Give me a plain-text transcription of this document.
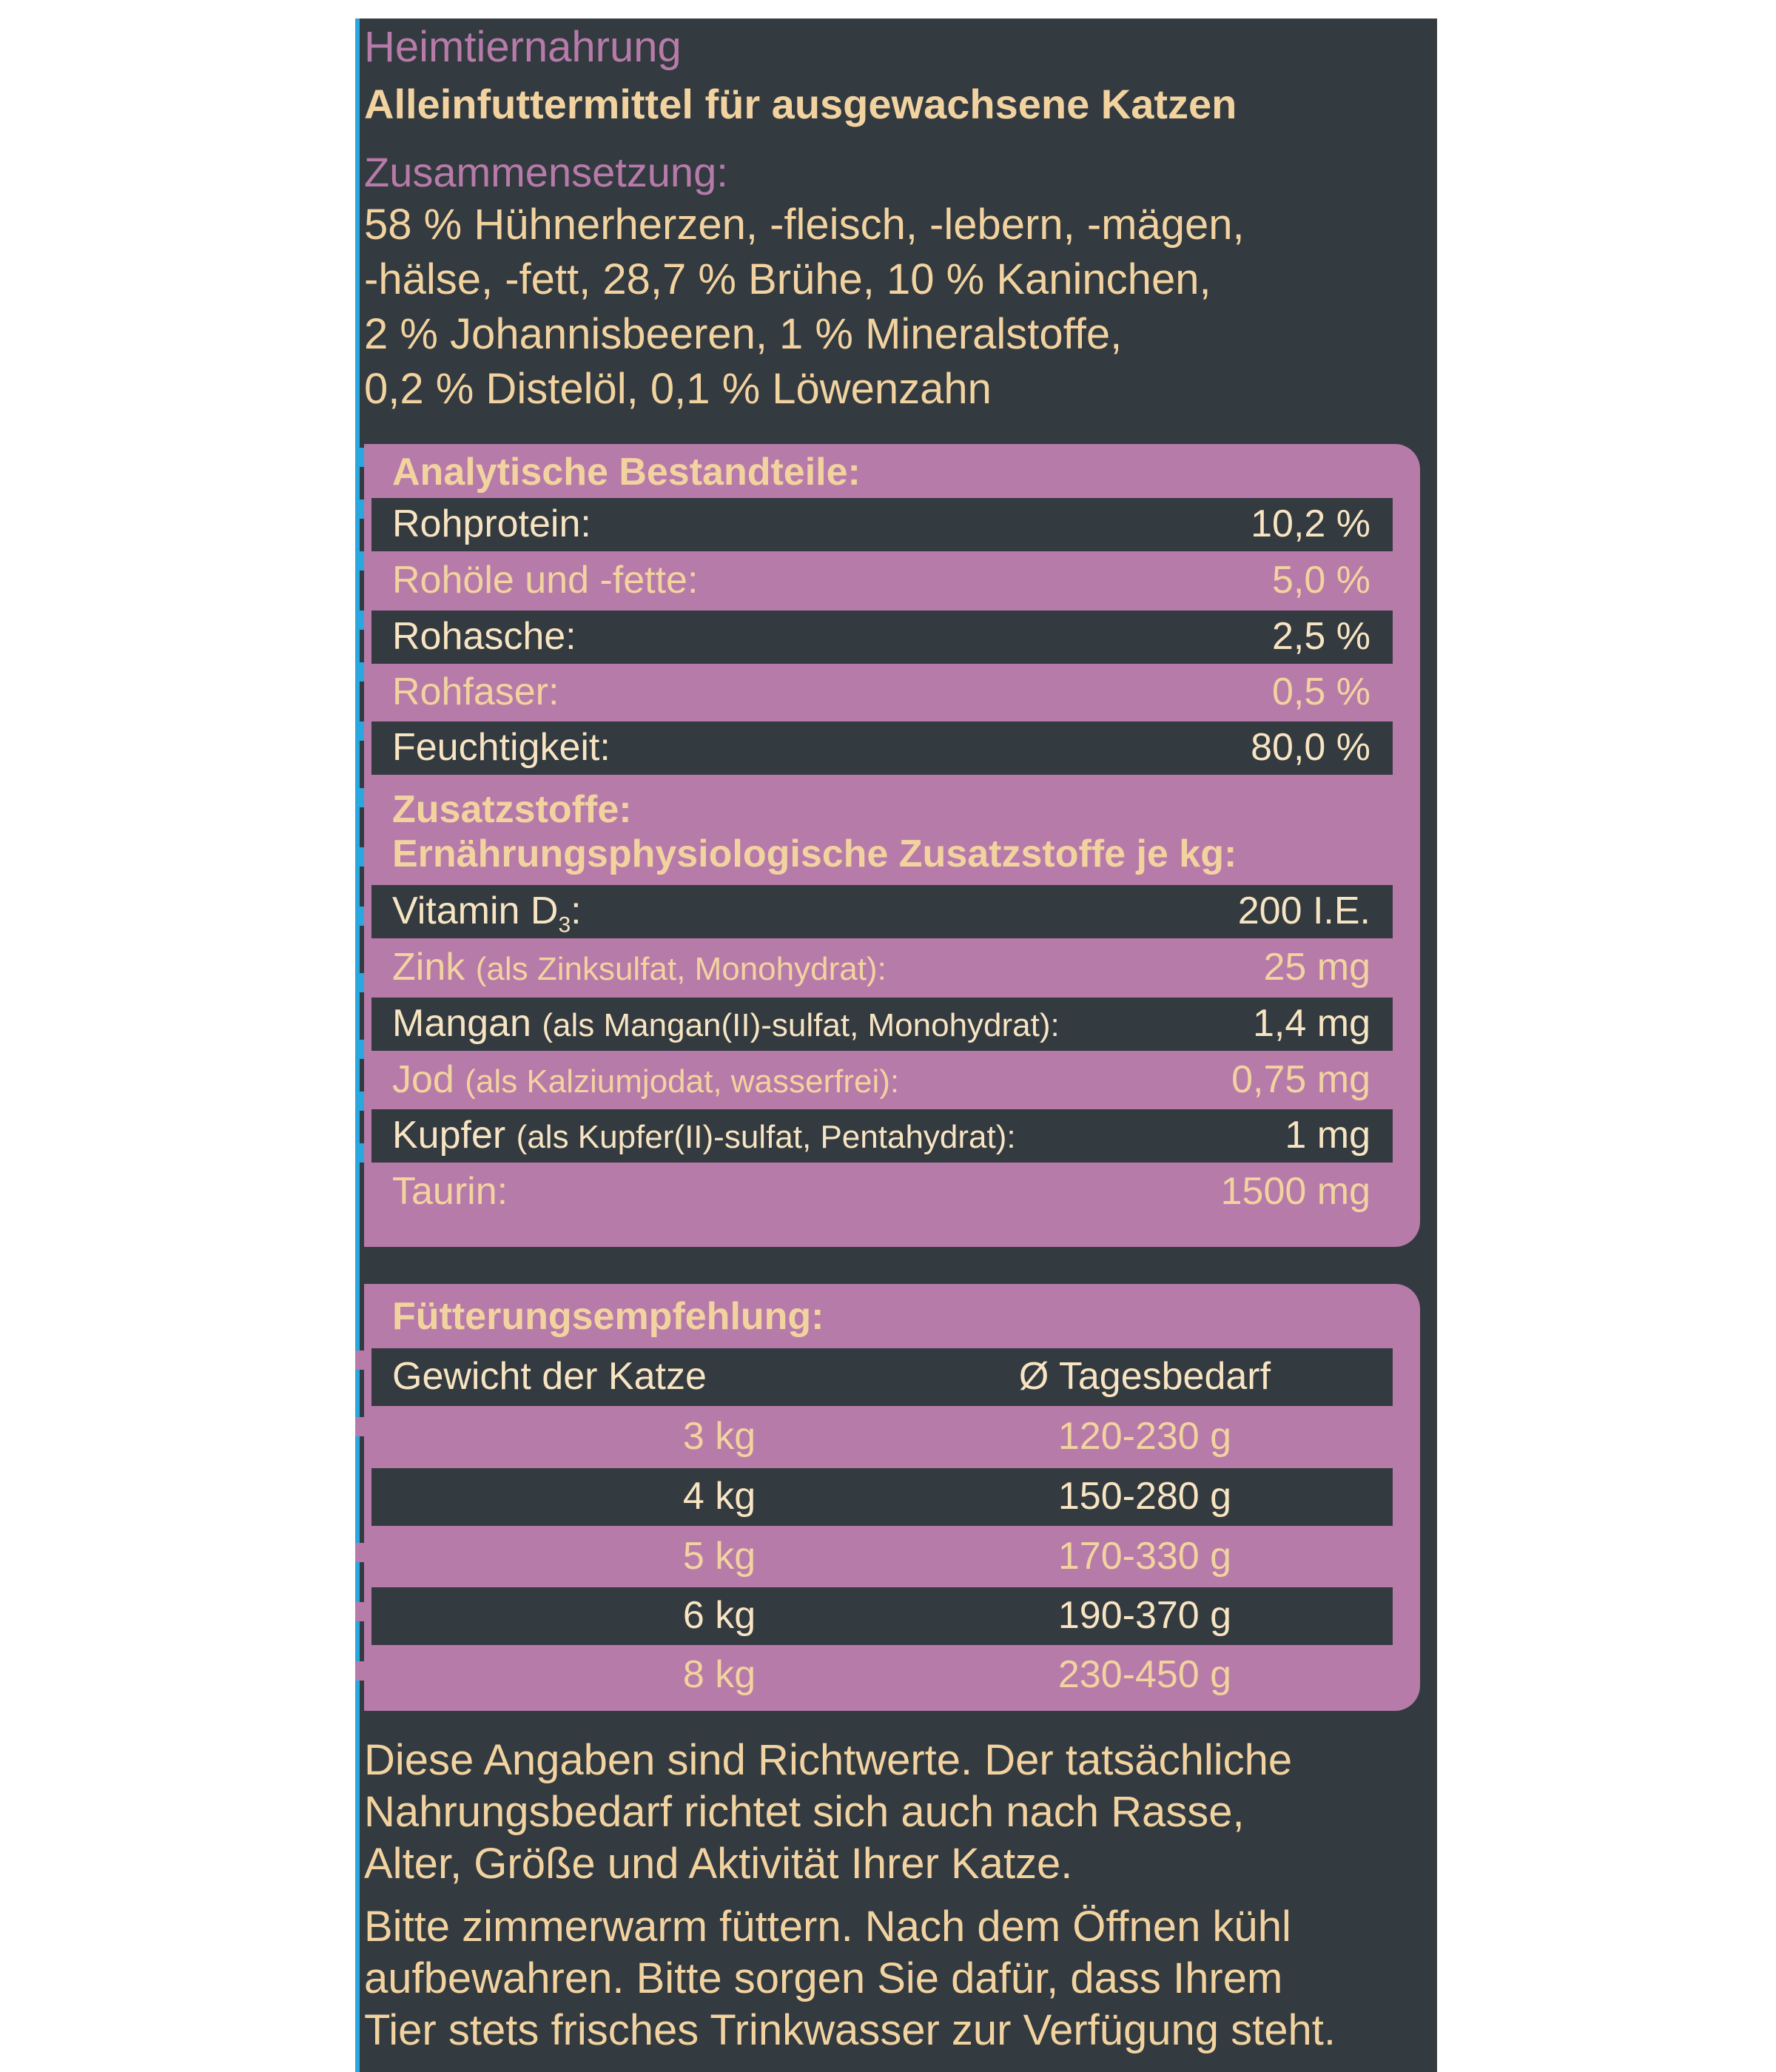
Heimtiernahrung
Alleinfuttermittel für ausgewachsene Katzen
Zusammensetzung:
58 % Hühnerherzen, -fleisch, -lebern, -mägen,
-hälse, -fett, 28,7 % Brühe, 10 % Kaninchen,
2 % Johannisbeeren, 1 % Mineralstoffe,
0,2 % Distelöl, 0,1 % Löwenzahn
Analytische Bestandteile:
Rohprotein:	10,2 %
Rohöle und -fette:	5,0 %
Rohasche:	2,5 %
Rohfaser:	0,5 %
Feuchtigkeit:	80,0 %
Zusatzstoffe:
Ernährungsphysiologische Zusatzstoffe je kg:
Vitamin $D_3$:	200 I.E.
Zink (als Zinksulfat, Monohydrat):	25 mg
Mangan (als Mangan(II)-sulfat, Monohydrat):	1,4 mg
Jod (als Kalziumjodat, wasserfrei):	0,75 mg
Kupfer (als Kupfer(II)-sulfat, Pentahydrat):	1 mg
Taurin:	1500 mg
Fütterungsempfehlung:
Gewicht der Katze	Ø Tagesbedarf
3 kg	120-230 g
4 kg	150-280 g
5 kg	170-330 g
6 kg	190-370 g
8 kg	230-450 g
Diese Angaben sind Richtwerte. Der tatsächliche
Nahrungsbedarf richtet sich auch nach Rasse,
Alter, Größe und Aktivität Ihrer Katze.
Bitte zimmerwarm füttern. Nach dem Öffnen kühl
aufbewahren. Bitte sorgen Sie dafür, dass Ihrem
Tier stets frisches Trinkwasser zur Verfügung steht.
